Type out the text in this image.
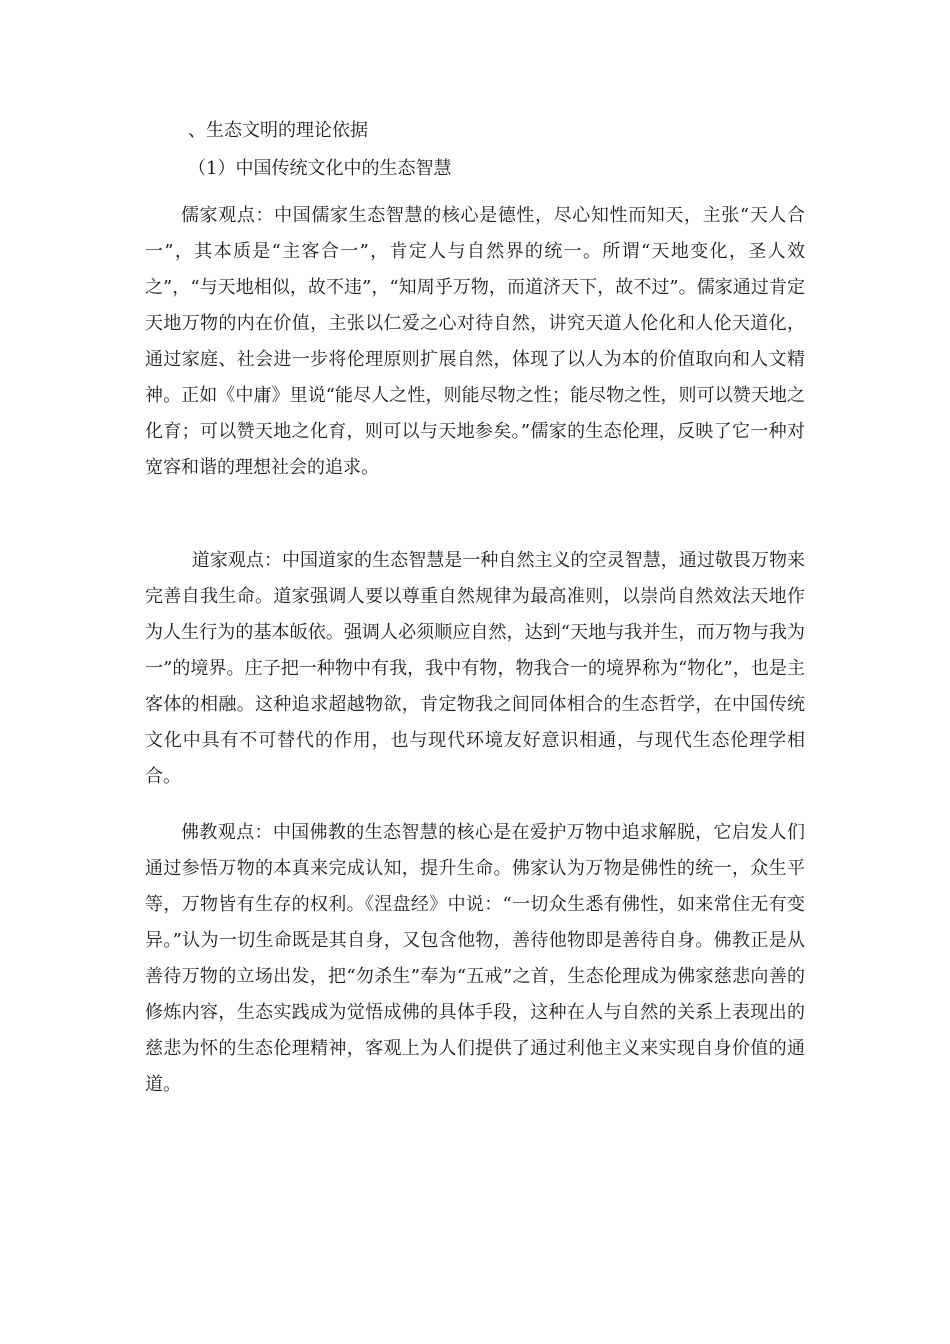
、生态文明的理论依据
（1）中国传统文化中的生态智慧

儒家观点：中国儒家生态智慧的核心是德性，尽心知性而知天，主张“天人合一”，其本质是“主客合一”，肯定人与自然界的统一。所谓“天地变化，圣人效之”，“与天地相似，故不违”，“知周乎万物，而道济天下，故不过”。儒家通过肯定天地万物的内在价值，主张以仁爱之心对待自然，讲究天道人伦化和人伦天道化，通过家庭、社会进一步将伦理原则扩展自然，体现了以人为本的价值取向和人文精神。正如《中庸》里说“能尽人之性，则能尽物之性；能尽物之性，则可以赞天地之化育；可以赞天地之化育，则可以与天地参矣。”儒家的生态伦理，反映了它一种对宽容和谐的理想社会的追求。

道家观点：中国道家的生态智慧是一种自然主义的空灵智慧，通过敬畏万物来完善自我生命。道家强调人要以尊重自然规律为最高准则，以崇尚自然效法天地作为人生行为的基本皈依。强调人必须顺应自然，达到“天地与我并生，而万物与我为一”的境界。庄子把一种物中有我，我中有物，物我合一的境界称为“物化”，也是主客体的相融。这种追求超越物欲，肯定物我之间同体相合的生态哲学，在中国传统文化中具有不可替代的作用，也与现代环境友好意识相通，与现代生态伦理学相合。

佛教观点：中国佛教的生态智慧的核心是在爱护万物中追求解脱，它启发人们通过参悟万物的本真来完成认知，提升生命。佛家认为万物是佛性的统一，众生平等，万物皆有生存的权利。《涅盘经》中说：“一切众生悉有佛性，如来常住无有变异。”认为一切生命既是其自身，又包含他物，善待他物即是善待自身。佛教正是从善待万物的立场出发，把“勿杀生”奉为“五戒”之首，生态伦理成为佛家慈悲向善的修炼内容，生态实践成为觉悟成佛的具体手段，这种在人与自然的关系上表现出的慈悲为怀的生态伦理精神，客观上为人们提供了通过利他主义来实现自身价值的通道。
